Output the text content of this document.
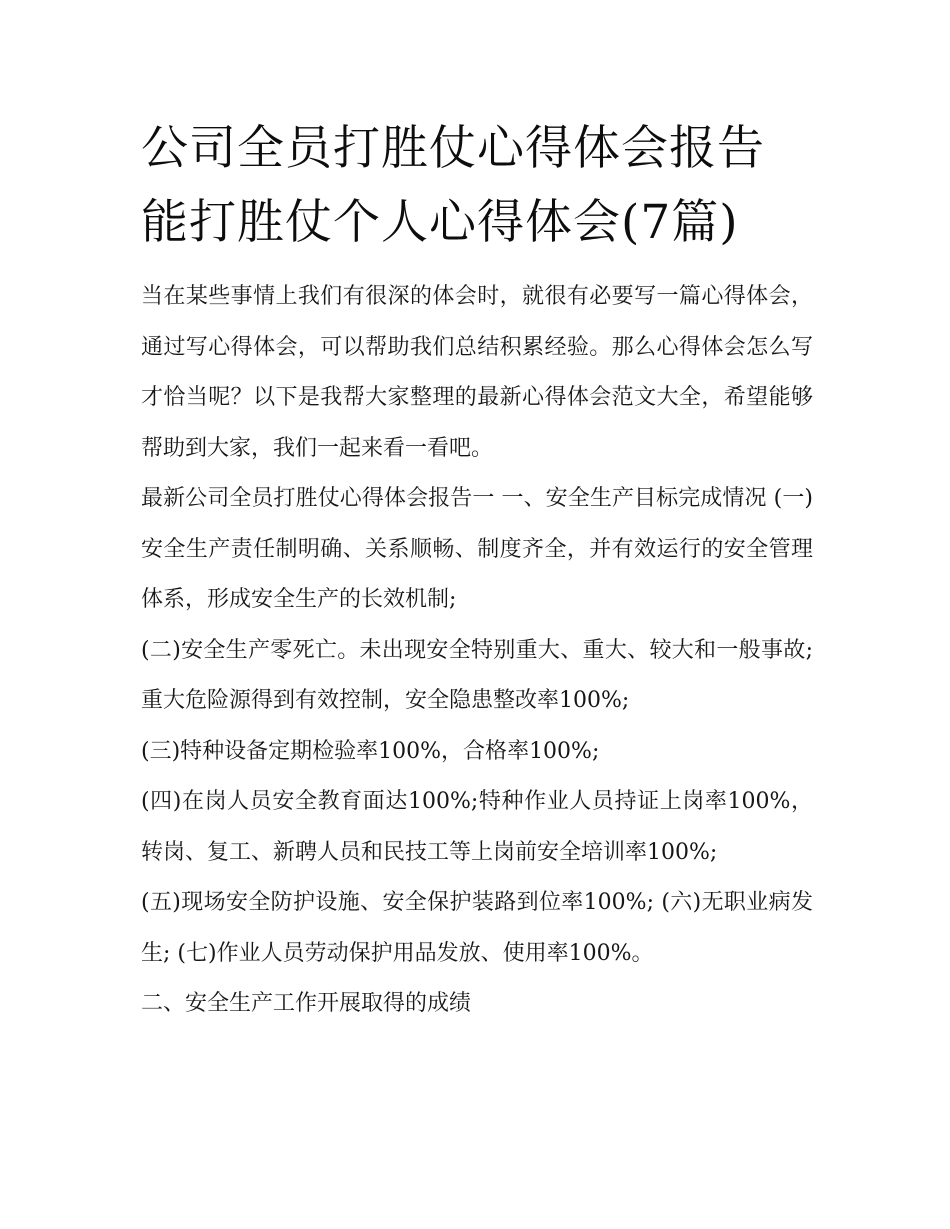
公司全员打胜仗心得体会报告
能打胜仗个人心得体会(7篇)

当在某些事情上我们有很深的体会时，就很有必要写一篇心得体会，通过写心得体会，可以帮助我们总结积累经验。那么心得体会怎么写才恰当呢？以下是我帮大家整理的最新心得体会范文大全，希望能够帮助到大家，我们一起来看一看吧。

最新公司全员打胜仗心得体会报告一 一、安全生产目标完成情况 (一)安全生产责任制明确、关系顺畅、制度齐全，并有效运行的安全管理体系，形成安全生产的长效机制;

(二)安全生产零死亡。未出现安全特别重大、重大、较大和一般事故; 重大危险源得到有效控制，安全隐患整改率100%;

(三)特种设备定期检验率100%，合格率100%;

(四)在岗人员安全教育面达100%;特种作业人员持证上岗率100%，转岗、复工、新聘人员和民技工等上岗前安全培训率100%;

(五)现场安全防护设施、安全保护装路到位率100%; (六)无职业病发生; (七)作业人员劳动保护用品发放、使用率100%。

二、安全生产工作开展取得的成绩
